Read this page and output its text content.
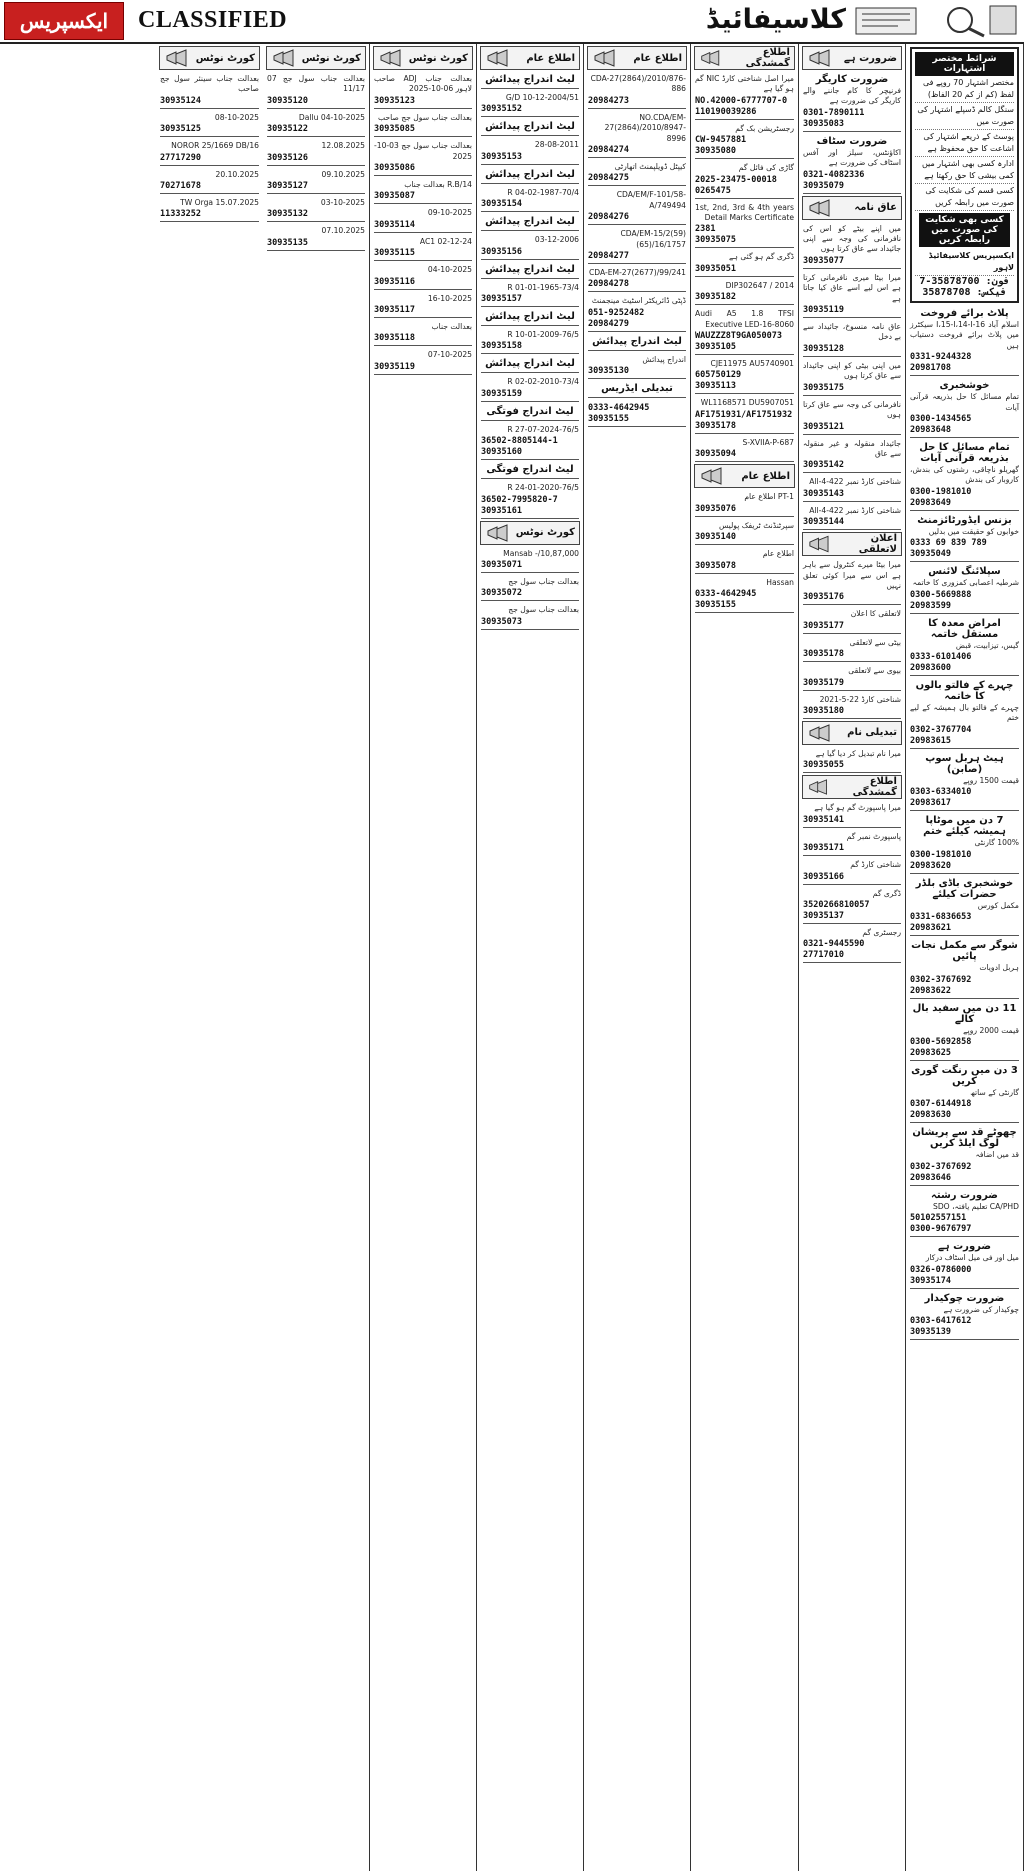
ایکسپریس CLASSIFIED	کلاسیفائیڈ
شرائط مختصر اشتہارات
مختصر اشتہار 70 روپے فی لفظ (کم از کم 20 الفاظ)
سنگل کالم ڈسپلے اشتہار کی صورت میں
پوسٹ کے ذریعے اشتہار کی اشاعت کا حق محفوظ ہے
ادارہ کسی بھی اشتہار میں کمی بیشی کا حق رکھتا ہے
کسی قسم کی شکایت کی صورت میں رابطہ کریں
کسی بھی شکایت کی صورت میں رابطہ کریں
ایکسپریس کلاسیفائیڈ لاہور
فون: 35878700-7
فیکس: 35878708
پلاٹ برائے فروخت
اسلام آباد 16-I،15-I،14-I سیکٹرز میں پلاٹ برائے فروخت دستیاب ہیں
0331-9244328
20981708
خوشخبری
تمام مسائل کا حل بذریعہ قرآنی آیات
0300-1434565
20983648
تمام مسائل کا حل بذریعہ قرآنی آیات
گھریلو ناچاقی، رشتوں کی بندش، کاروبار کی بندش
0300-1981010
20983649
بزنس ایڈورٹائزمنٹ
خوابوں کو حقیقت میں بدلیں
0333 69 839 789
30935049
سپلائنگ لائنس
شرطیہ اعصابی کمزوری کا خاتمہ
0300-5669888
20983599
امراض معدہ کا مستقل خاتمہ
گیس، تیزابیت، قبض
0333-6101406
20983600
چہرے کے فالتو بالوں کا خاتمہ
چہرے کے فالتو بال ہمیشہ کے لیے ختم
0302-3767704
20983615
ہیٹ ہربل سوپ (صابن)
قیمت 1500 روپے
0303-6334010
20983617
7 دن میں موٹاپا ہمیشہ کیلئے ختم
100% گارنٹی
0300-1981010
20983620
خوشخبری باڈی بلڈر حضرات کیلئے
مکمل کورس
0331-6836653
20983621
شوگر سے مکمل نجات پائیں
ہربل ادویات
0302-3767692
20983622
11 دن میں سفید بال کالے
قیمت 2000 روپے
0300-5692858
20983625
3 دن میں رنگت گوری کریں
گارنٹی کے ساتھ
0307-6144918
20983630
چھوٹے قد سے پریشان لوگ ایلڈ کریں
قد میں اضافہ
0302-3767692
20983646
ضرورت رشتہ
CA/PHD تعلیم یافتہ، SDO
50102557151
0300-9676797
ضرورت ہے
میل اور فی میل اسٹاف درکار
0326-0786000
30935174
ضرورت چوکیدار
چوکیدار کی ضرورت ہے
0303-6417612
30935139
ضرورت ہے
ضرورت کاریگر
فرنیچر کا کام جاننے والے کاریگر کی ضرورت ہے
0301-7890111
30935083
ضرورت سٹاف
اکاؤنٹس، سیلز اور آفس اسٹاف کی ضرورت ہے
0321-4082336
30935079
عاق نامہ
میں اپنے بیٹے کو اس کی نافرمانی کی وجہ سے اپنی جائیداد سے عاق کرتا ہوں
30935077
میرا بیٹا میری نافرمانی کرتا ہے اس لیے اسے عاق کیا جاتا ہے
30935119
عاق نامہ منسوخ، جائیداد سے بے دخل
30935128
میں اپنی بیٹی کو اپنی جائیداد سے عاق کرتا ہوں
30935175
نافرمانی کی وجہ سے عاق کرتا ہوں
30935121
جائیداد منقولہ و غیر منقولہ سے عاق
30935142
شناختی کارڈ نمبر 422-4-All
30935143
شناختی کارڈ نمبر 422-4-All
30935144
اعلان لاتعلقی
میرا بیٹا میرے کنٹرول سے باہر ہے اس سے میرا کوئی تعلق نہیں
30935176
لاتعلقی کا اعلان
30935177
بیٹی سے لاتعلقی
30935178
بیوی سے لاتعلقی
30935179
شناختی کارڈ 22-5-2021
30935180
تبدیلی نام
میرا نام تبدیل کر دیا گیا ہے
30935055
اطلاع گمشدگی
میرا پاسپورٹ گم ہو گیا ہے
30935141
پاسپورٹ نمبر گم
30935171
شناختی کارڈ گم
30935166
ڈگری گم
3520266810057
30935137
رجسٹری گم
0321-9445590
27717010
اطلاع گمشدگی
میرا اصل شناختی کارڈ NIC گم ہو گیا ہے
NO.42000-6777707-0
110190039286
رجسٹریشن بک گم
CW-9457881
30935080
گاڑی کی فائل گم
2025-23475-00018
0265475
1st, 2nd, 3rd & 4th years Detail Marks Certificate
2381
30935075
ڈگری گم ہو گئی ہے
30935051
DIP302647 / 2014
30935182
Audi A5 1.8 TFSI Executive LED-16-8060
WAUZZZ8T9GA050073
30935105
CJE11975 AU5740901
605750129
30935113
WL1168571 DU5907051
AF1751931/AF1751932
30935178
S-XVIIA-P-687
30935094
اطلاع عام
PT-1 اطلاع عام
30935076
سپرٹنڈنٹ ٹریفک پولیس
30935140
اطلاع عام
30935078
Hassan
0333-4642945
30935155
اطلاع عام
CDA-27(2864)/2010/876-886
20984273
NO.CDA/EM-27(2864)/2010/8947-8996
20984274
کیپٹل ڈویلپمنٹ اتھارٹی
20984275
CDA/EM/F-101/58-A/749494
20984276
CDA/EM-15/2(59)(65)/16/1757
20984277
CDA-EM-27(2677)/99/241
20984278
ڈپٹی ڈائریکٹر اسٹیٹ مینجمنٹ
051-9252482
20984279
لیٹ اندراج پیدائش
اندراج پیدائش
30935130
تبدیلی ایڈریس
0333-4642945
30935155
اطلاع عام
لیٹ اندراج پیدائش
51/G/D 10-12-2004
30935152
لیٹ اندراج پیدائش
28-08-2011
30935153
لیٹ اندراج پیدائش
70/4-R 04-02-1987
30935154
لیٹ اندراج پیدائش
03-12-2006
30935156
لیٹ اندراج پیدائش
73/4-R 01-01-1965
30935157
لیٹ اندراج پیدائش
76/5-R 10-01-2009
30935158
لیٹ اندراج پیدائش
73/4-R 02-02-2010
30935159
لیٹ اندراج فوتگی
76/5-R 27-07-2024
36502-8805144-1
30935160
لیٹ اندراج فوتگی
76/5-R 24-01-2020
36502-7995820-7
30935161
کورٹ نوٹس
10,87,000/- Mansab
30935071
بعدالت جناب سول جج
30935072
بعدالت جناب سول جج
30935073
کورٹ نوٹس
بعدالت جناب ADJ صاحب لاہور 06-10-2025
30935123
بعدالت جناب سول جج صاحب
30935085
بعدالت جناب سول جج 03-10-2025
30935086
14/R.B بعدالت جناب
30935087
09-10-2025
30935114
AC1 02-12-24
30935115
04-10-2025
30935116
16-10-2025
30935117
بعدالت جناب
30935118
07-10-2025
30935119
کورٹ نوٹس
بعدالت جناب سول جج 07 11/17
30935120
04-10-2025 Dallu
30935122
12.08.2025
30935126
09.10.2025
30935127
03-10-2025
30935132
07.10.2025
30935135
کورٹ نوٹس
بعدالت جناب سینئر سول جج صاحب
30935124
08-10-2025
30935125
NOROR 25/1669 DB/16
27717290
20.10.2025
70271678
15.07.2025 TW Orga
11333252
